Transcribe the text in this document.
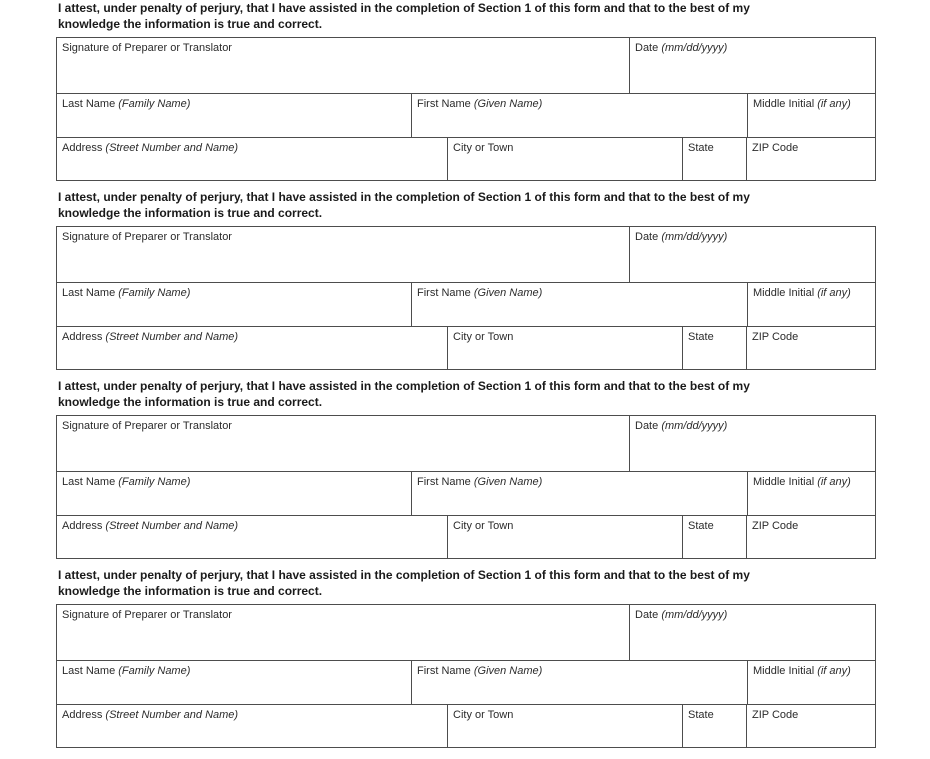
I attest, under penalty of perjury, that I have assisted in the completion of Section 1 of this form and that to the best of my
knowledge the information is true and correct.

Signature of Preparer or Translator	Date (mm/dd/yyyy)
Last Name (Family Name)	First Name (Given Name)	Middle Initial (if any)
Address (Street Number and Name)	City or Town	State	ZIP Code

I attest, under penalty of perjury, that I have assisted in the completion of Section 1 of this form and that to the best of my
knowledge the information is true and correct.

Signature of Preparer or Translator	Date (mm/dd/yyyy)
Last Name (Family Name)	First Name (Given Name)	Middle Initial (if any)
Address (Street Number and Name)	City or Town	State	ZIP Code

I attest, under penalty of perjury, that I have assisted in the completion of Section 1 of this form and that to the best of my
knowledge the information is true and correct.

Signature of Preparer or Translator	Date (mm/dd/yyyy)
Last Name (Family Name)	First Name (Given Name)	Middle Initial (if any)
Address (Street Number and Name)	City or Town	State	ZIP Code

I attest, under penalty of perjury, that I have assisted in the completion of Section 1 of this form and that to the best of my
knowledge the information is true and correct.

Signature of Preparer or Translator	Date (mm/dd/yyyy)
Last Name (Family Name)	First Name (Given Name)	Middle Initial (if any)
Address (Street Number and Name)	City or Town	State	ZIP Code
